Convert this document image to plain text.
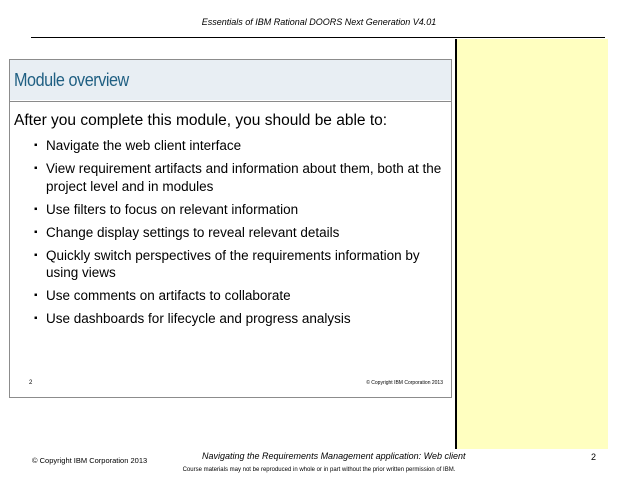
Essentials of IBM Rational DOORS Next Generation V4.01
Module overview
After you complete this module, you should be able to:
▪ Navigate the web client interface
▪ View requirement artifacts and information about them, both at the project level and in modules
▪ Use filters to focus on relevant information
▪ Change display settings to reveal relevant details
▪ Quickly switch perspectives of the requirements information by using views
▪ Use comments on artifacts to collaborate
▪ Use dashboards for lifecycle and progress analysis
2	© Copyright IBM Corporation 2013
© Copyright IBM Corporation 2013	Navigating the Requirements Management application: Web client	2
Course materials may not be reproduced in whole or in part without the prior written permission of IBM.
